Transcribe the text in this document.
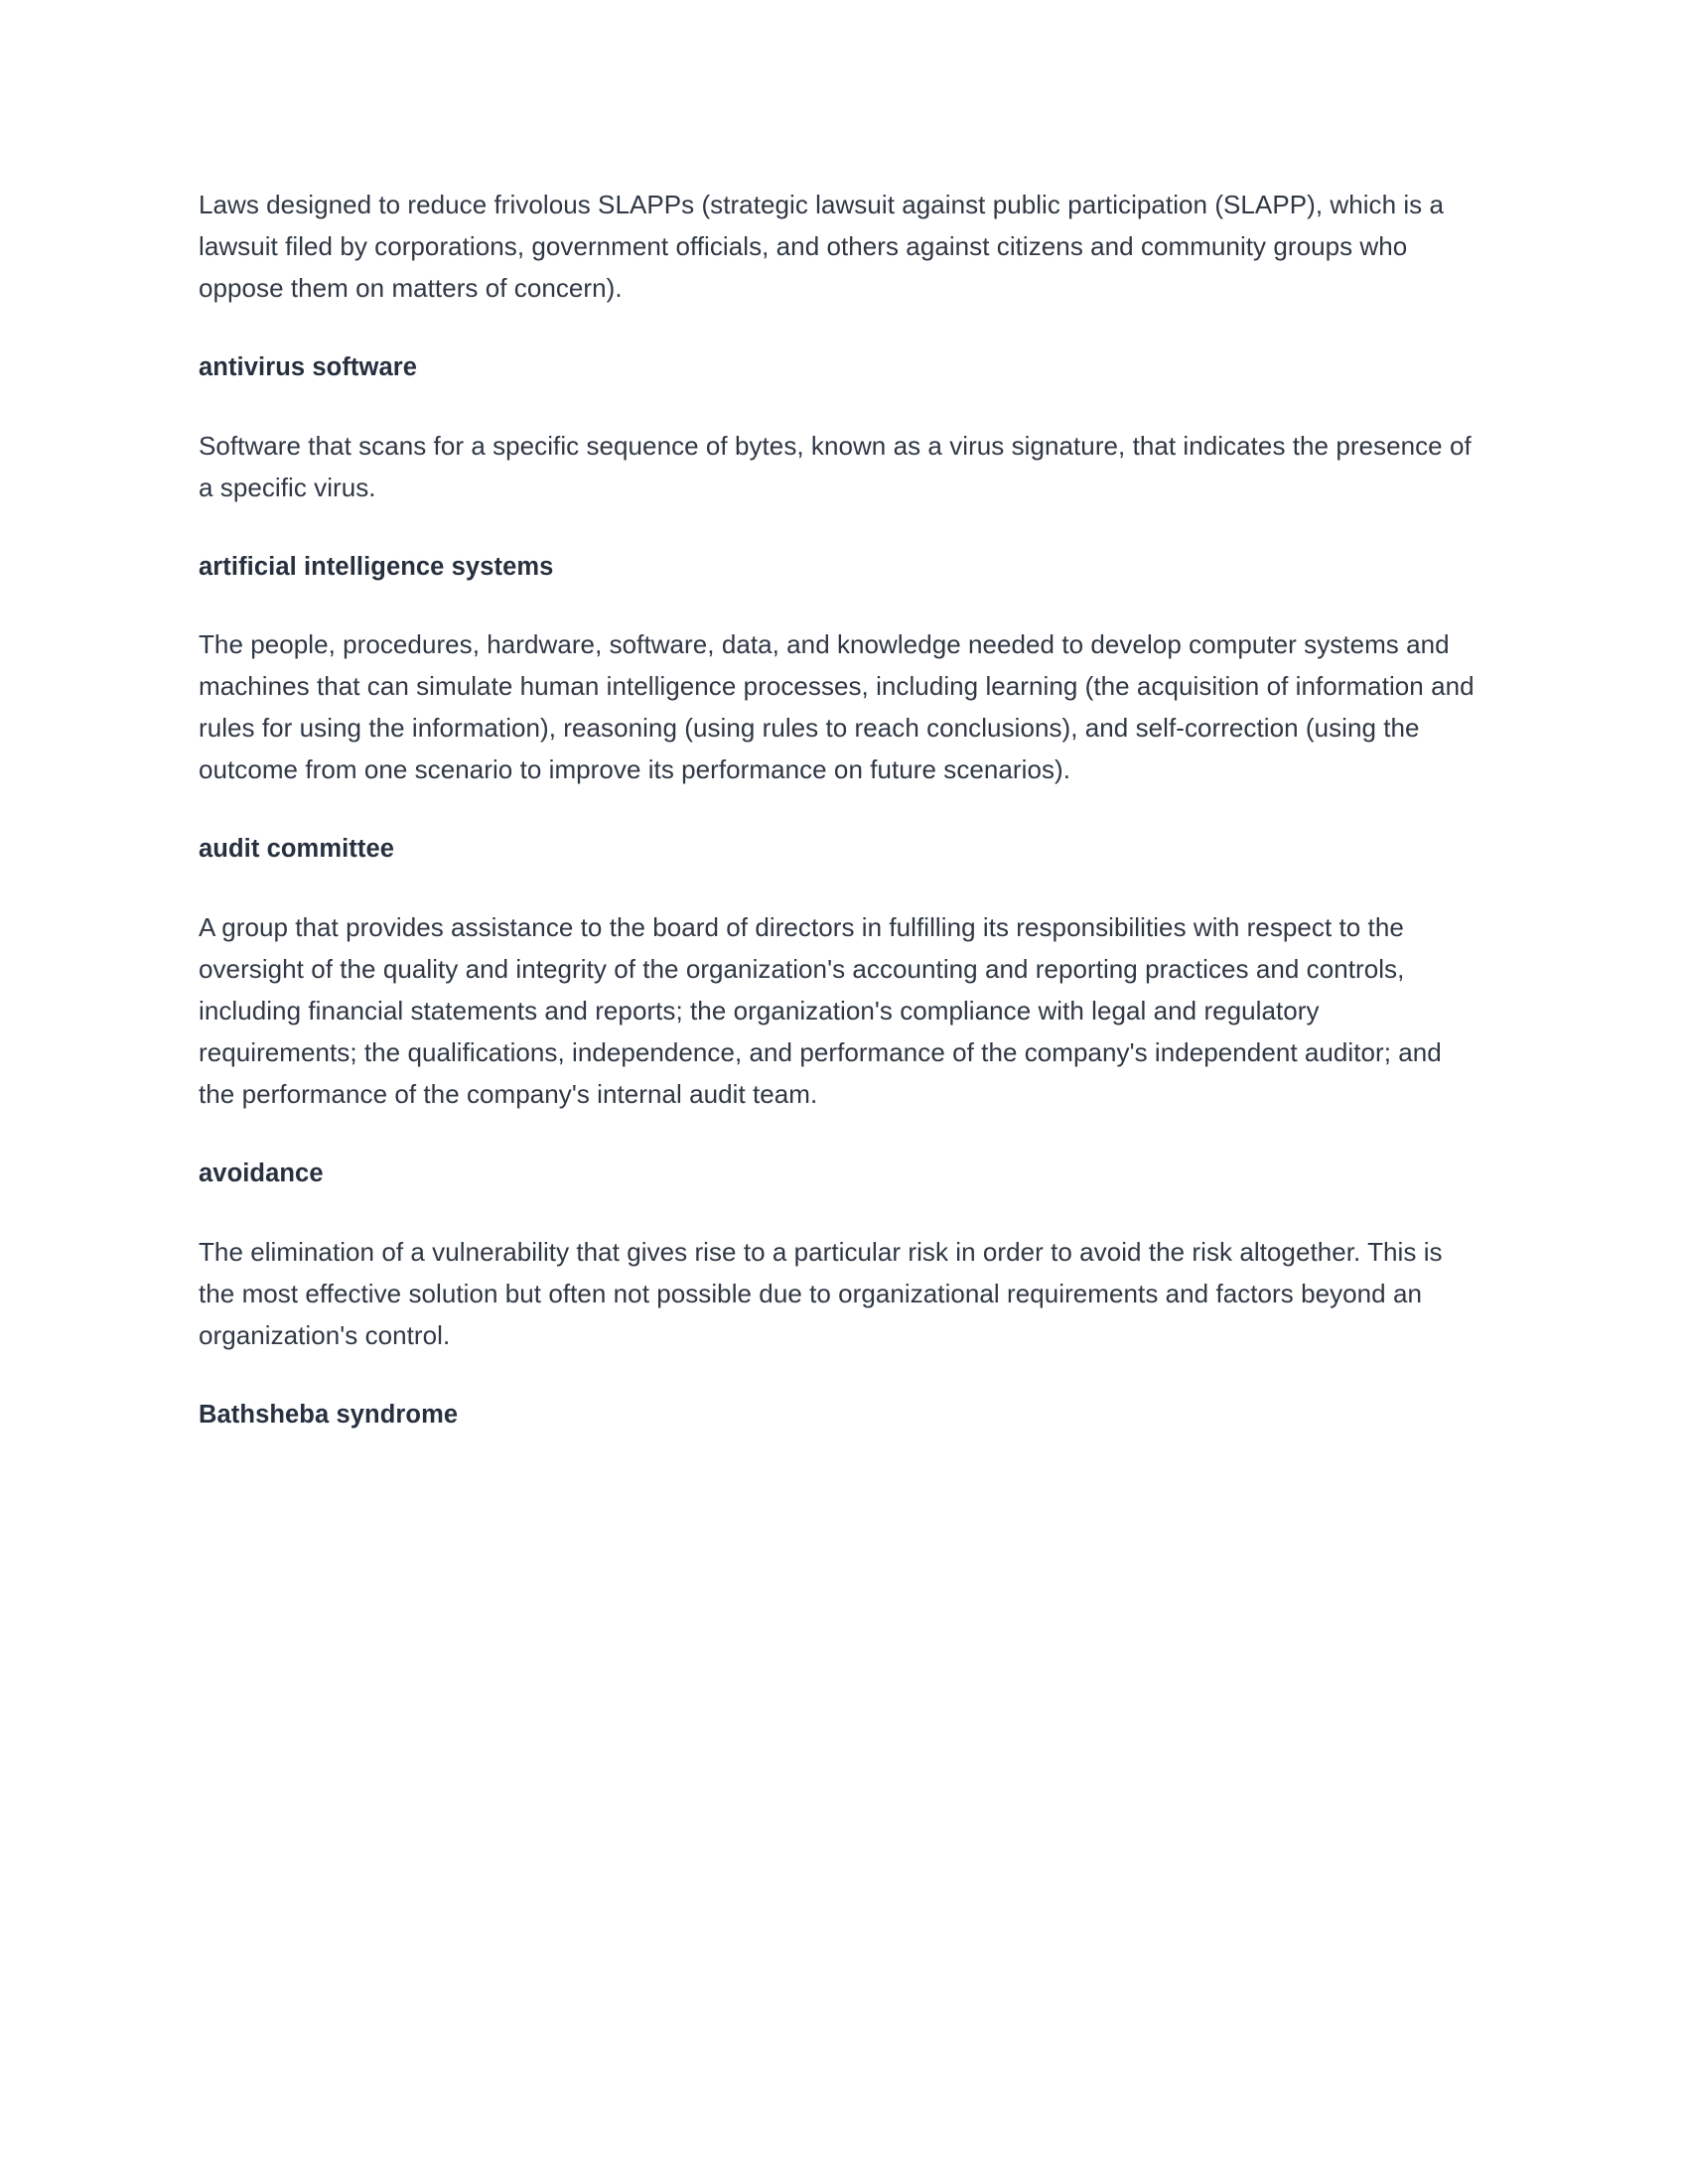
Laws designed to reduce frivolous SLAPPs (strategic lawsuit against public participation (SLAPP), which is a lawsuit filed by corporations, government officials, and others against citizens and community groups who oppose them on matters of concern).

antivirus software

Software that scans for a specific sequence of bytes, known as a virus signature, that indicates the presence of a specific virus.

artificial intelligence systems

The people, procedures, hardware, software, data, and knowledge needed to develop computer systems and machines that can simulate human intelligence processes, including learning (the acquisition of information and rules for using the information), reasoning (using rules to reach conclusions), and self-correction (using the outcome from one scenario to improve its performance on future scenarios).

audit committee

A group that provides assistance to the board of directors in fulfilling its responsibilities with respect to the oversight of the quality and integrity of the organization's accounting and reporting practices and controls, including financial statements and reports; the organization's compliance with legal and regulatory requirements; the qualifications, independence, and performance of the company's independent auditor; and the performance of the company's internal audit team.

avoidance

The elimination of a vulnerability that gives rise to a particular risk in order to avoid the risk altogether. This is the most effective solution but often not possible due to organizational requirements and factors beyond an organization's control.

Bathsheba syndrome
